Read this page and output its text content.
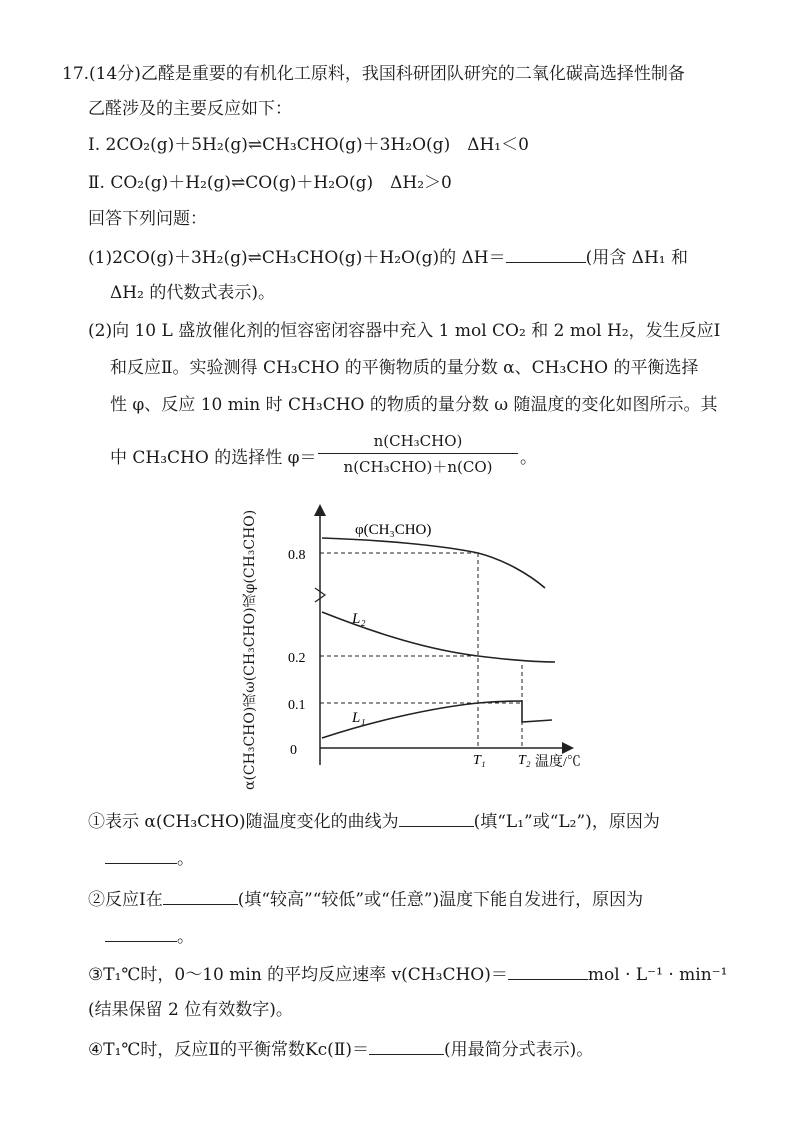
17.(14分)乙醛是重要的有机化工原料，我国科研团队研究的二氧化碳高选择性制备
乙醛涉及的主要反应如下：
Ⅰ. 2CO₂(g)＋5H₂(g)⇌CH₃CHO(g)＋3H₂O(g)　ΔH₁＜0
Ⅱ. CO₂(g)＋H₂(g)⇌CO(g)＋H₂O(g)　ΔH₂＞0
回答下列问题：
(1)2CO(g)＋3H₂(g)⇌CH₃CHO(g)＋H₂O(g)的 ΔH＝	(用含 ΔH₁ 和
ΔH₂ 的代数式表示)。
(2)向 10 L 盛放催化剂的恒容密闭容器中充入 1 mol CO₂ 和 2 mol H₂，发生反应Ⅰ
和反应Ⅱ。实验测得 CH₃CHO 的平衡物质的量分数 α、CH₃CHO 的平衡选择
性 φ、反应 10 min 时 CH₃CHO 的物质的量分数 ω 随温度的变化如图所示。其
中 CH₃CHO 的选择性 φ＝
n(CH₃CHO)
n(CH₃CHO)＋n(CO)	。
α(CH₃CHO)或ω(CH₃CHO)或φ(CH₃CHO)	0
0.1
0.2
0.8
T₁ T₂ 温度/℃
φ(CH₃CHO)
L₂
L₁
①表示 α(CH₃CHO)随温度变化的曲线为	(填“L₁”或“L₂”)，原因为
。
②反应Ⅰ在	(填“较高”“较低”或“任意”)温度下能自发进行，原因为
。
③T₁℃时，0～10 min 的平均反应速率 v(CH₃CHO)＝	mol · L⁻¹ · min⁻¹
(结果保留 2 位有效数字)。
④T₁℃时，反应Ⅱ的平衡常数Kc(Ⅱ)＝	(用最简分式表示)。
